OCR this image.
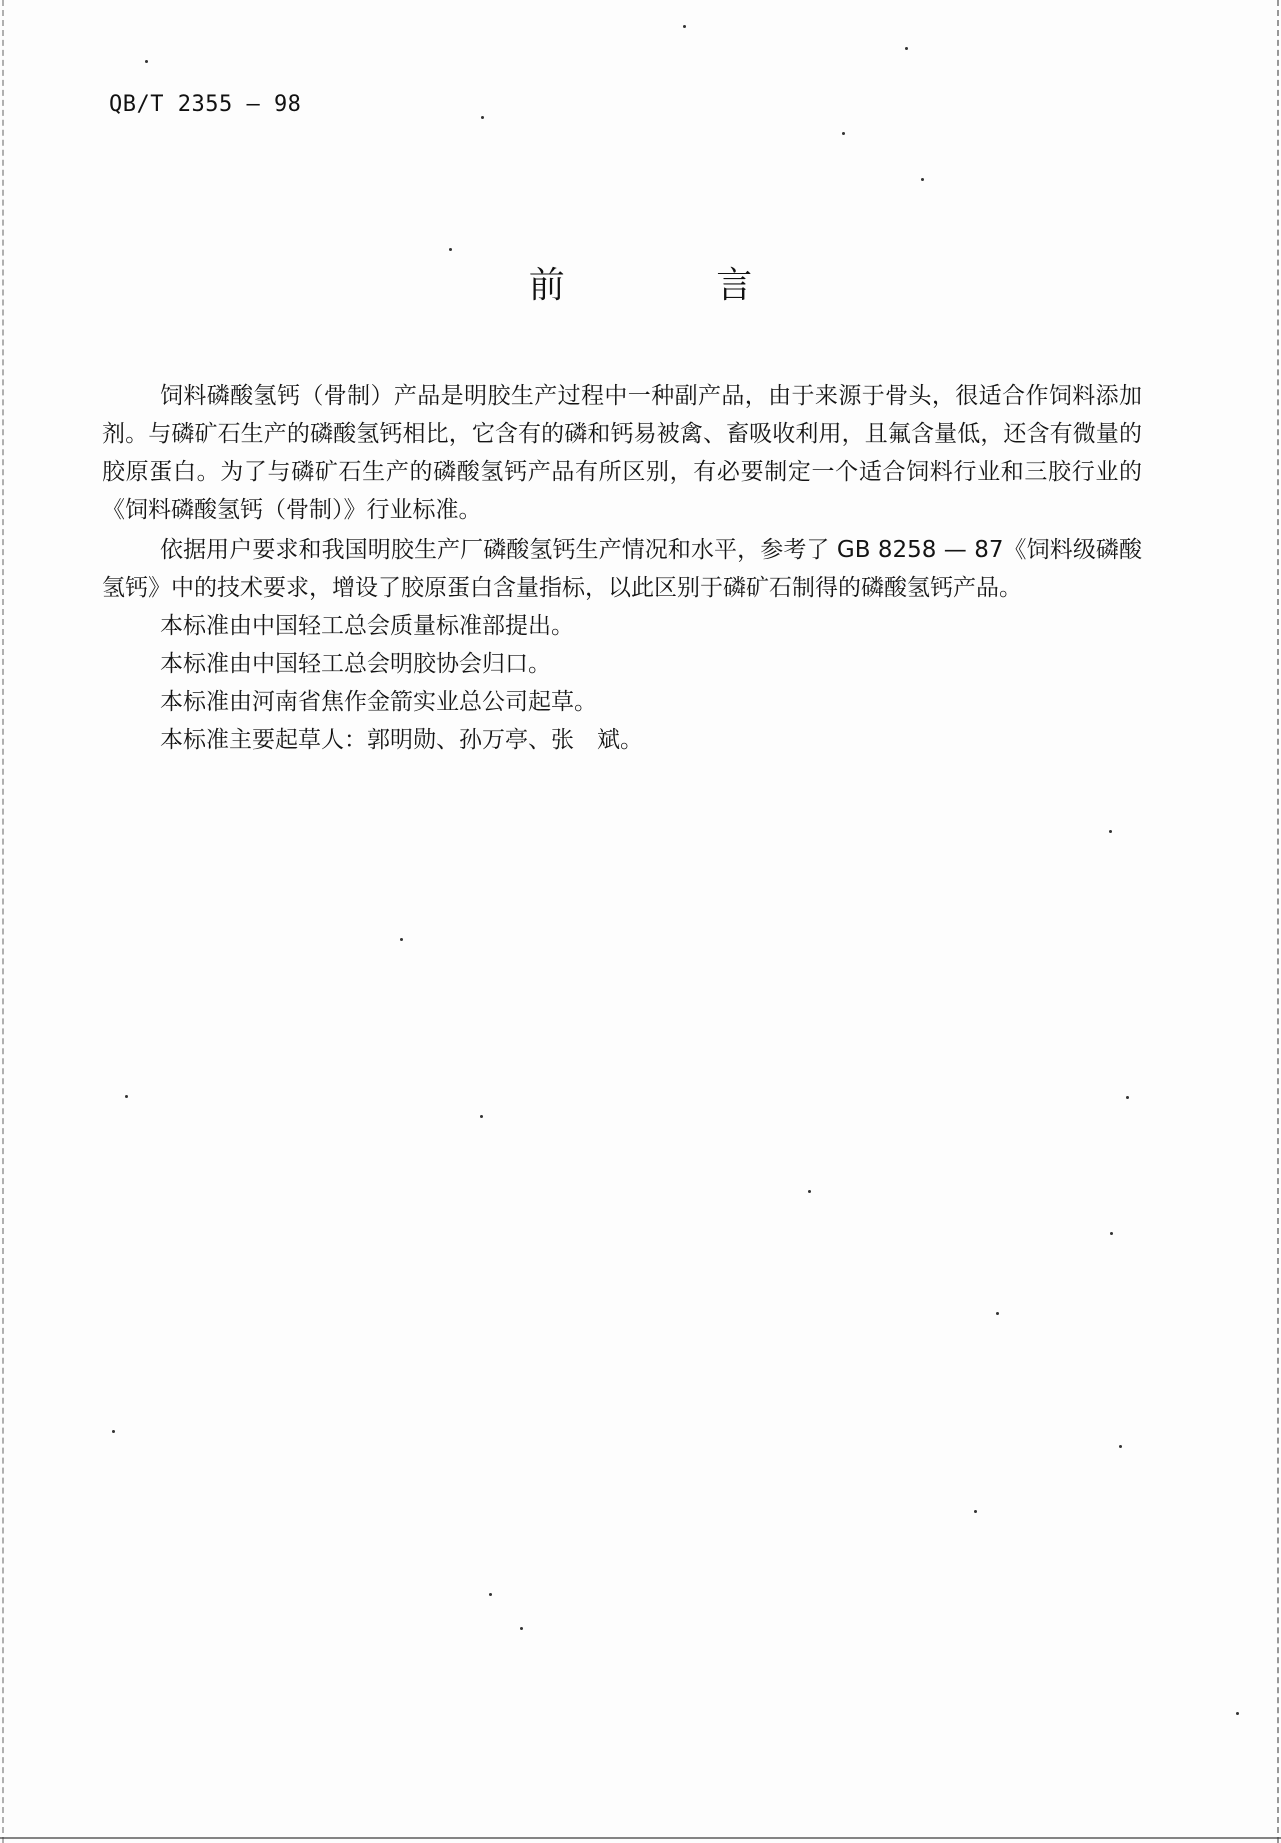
QB/T 2355 — 98
前 言

饲料磷酸氢钙（骨制）产品是明胶生产过程中一种副产品，由于来源于骨头，很适合作饲料添加剂。与磷矿石生产的磷酸氢钙相比，它含有的磷和钙易被禽、畜吸收利用，且氟含量低，还含有微量的胶原蛋白。为了与磷矿石生产的磷酸氢钙产品有所区别，有必要制定一个适合饲料行业和三胶行业的《饲料磷酸氢钙（骨制）》行业标准。

依据用户要求和我国明胶生产厂磷酸氢钙生产情况和水平，参考了 GB 8258 — 87《饲料级磷酸氢钙》中的技术要求，增设了胶原蛋白含量指标，以此区别于磷矿石制得的磷酸氢钙产品。

本标准由中国轻工总会质量标准部提出。

本标准由中国轻工总会明胶协会归口。

本标准由河南省焦作金箭实业总公司起草。

本标准主要起草人：郭明勋、孙万亭、张　斌。
